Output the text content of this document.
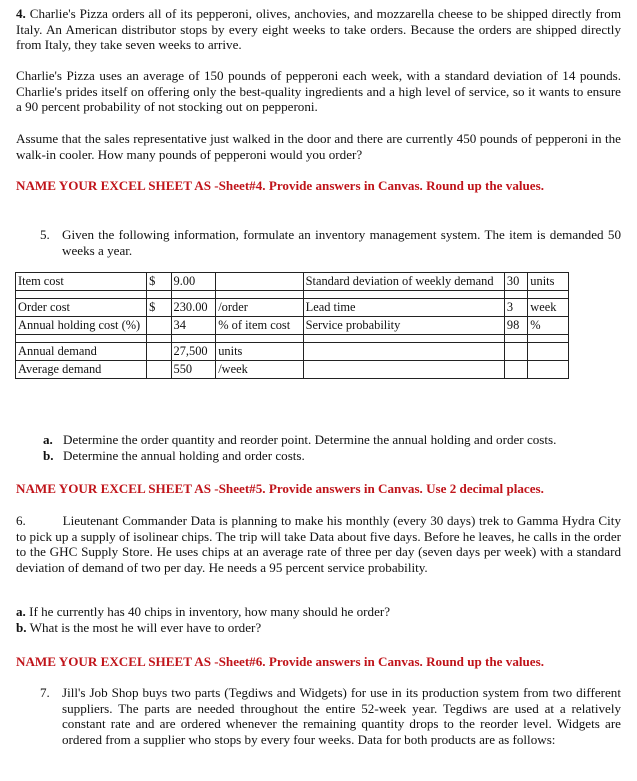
4. Charlie's Pizza orders all of its pepperoni, olives, anchovies, and mozzarella cheese to be shipped directly from Italy. An American distributor stops by every eight weeks to take orders. Because the orders are shipped directly from Italy, they take seven weeks to arrive.

Charlie's Pizza uses an average of 150 pounds of pepperoni each week, with a standard deviation of 14 pounds. Charlie's prides itself on offering only the best-quality ingredients and a high level of service, so it wants to ensure a 90 percent probability of not stocking out on pepperoni.

Assume that the sales representative just walked in the door and there are currently 450 pounds of pepperoni in the walk-in cooler. How many pounds of pepperoni would you order?

NAME YOUR EXCEL SHEET AS -Sheet#4. Provide answers in Canvas. Round up the values.

5. Given the following information, formulate an inventory management system. The item is demanded 50 weeks a year.

Item cost	$	9.00		Standard deviation of weekly demand	30	units

Order cost	$	230.00	/order	Lead time	3	week
Annual holding cost (%)		34	% of item cost	Service probability	98	%

Annual demand		27,500	units			
Average demand		550	/week			
a. Determine the order quantity and reorder point. Determine the annual holding and order costs.
b. Determine the annual holding and order costs.

NAME YOUR EXCEL SHEET AS -Sheet#5. Provide answers in Canvas. Use 2 decimal places.

6.	Lieutenant Commander Data is planning to make his monthly (every 30 days) trek to Gamma Hydra City to pick up a supply of isolinear chips. The trip will take Data about five days. Before he leaves, he calls in the order to the GHC Supply Store. He uses chips at an average rate of three per day (seven days per week) with a standard deviation of demand of two per day. He needs a 95 percent service probability.

a. If he currently has 40 chips in inventory, how many should he order?
b. What is the most he will ever have to order?

NAME YOUR EXCEL SHEET AS -Sheet#6. Provide answers in Canvas. Round up the values.

7. Jill's Job Shop buys two parts (Tegdiws and Widgets) for use in its production system from two different suppliers. The parts are needed throughout the entire 52-week year. Tegdiws are used at a relatively constant rate and are ordered whenever the remaining quantity drops to the reorder level. Widgets are ordered from a supplier who stops by every four weeks. Data for both products are as follows:
